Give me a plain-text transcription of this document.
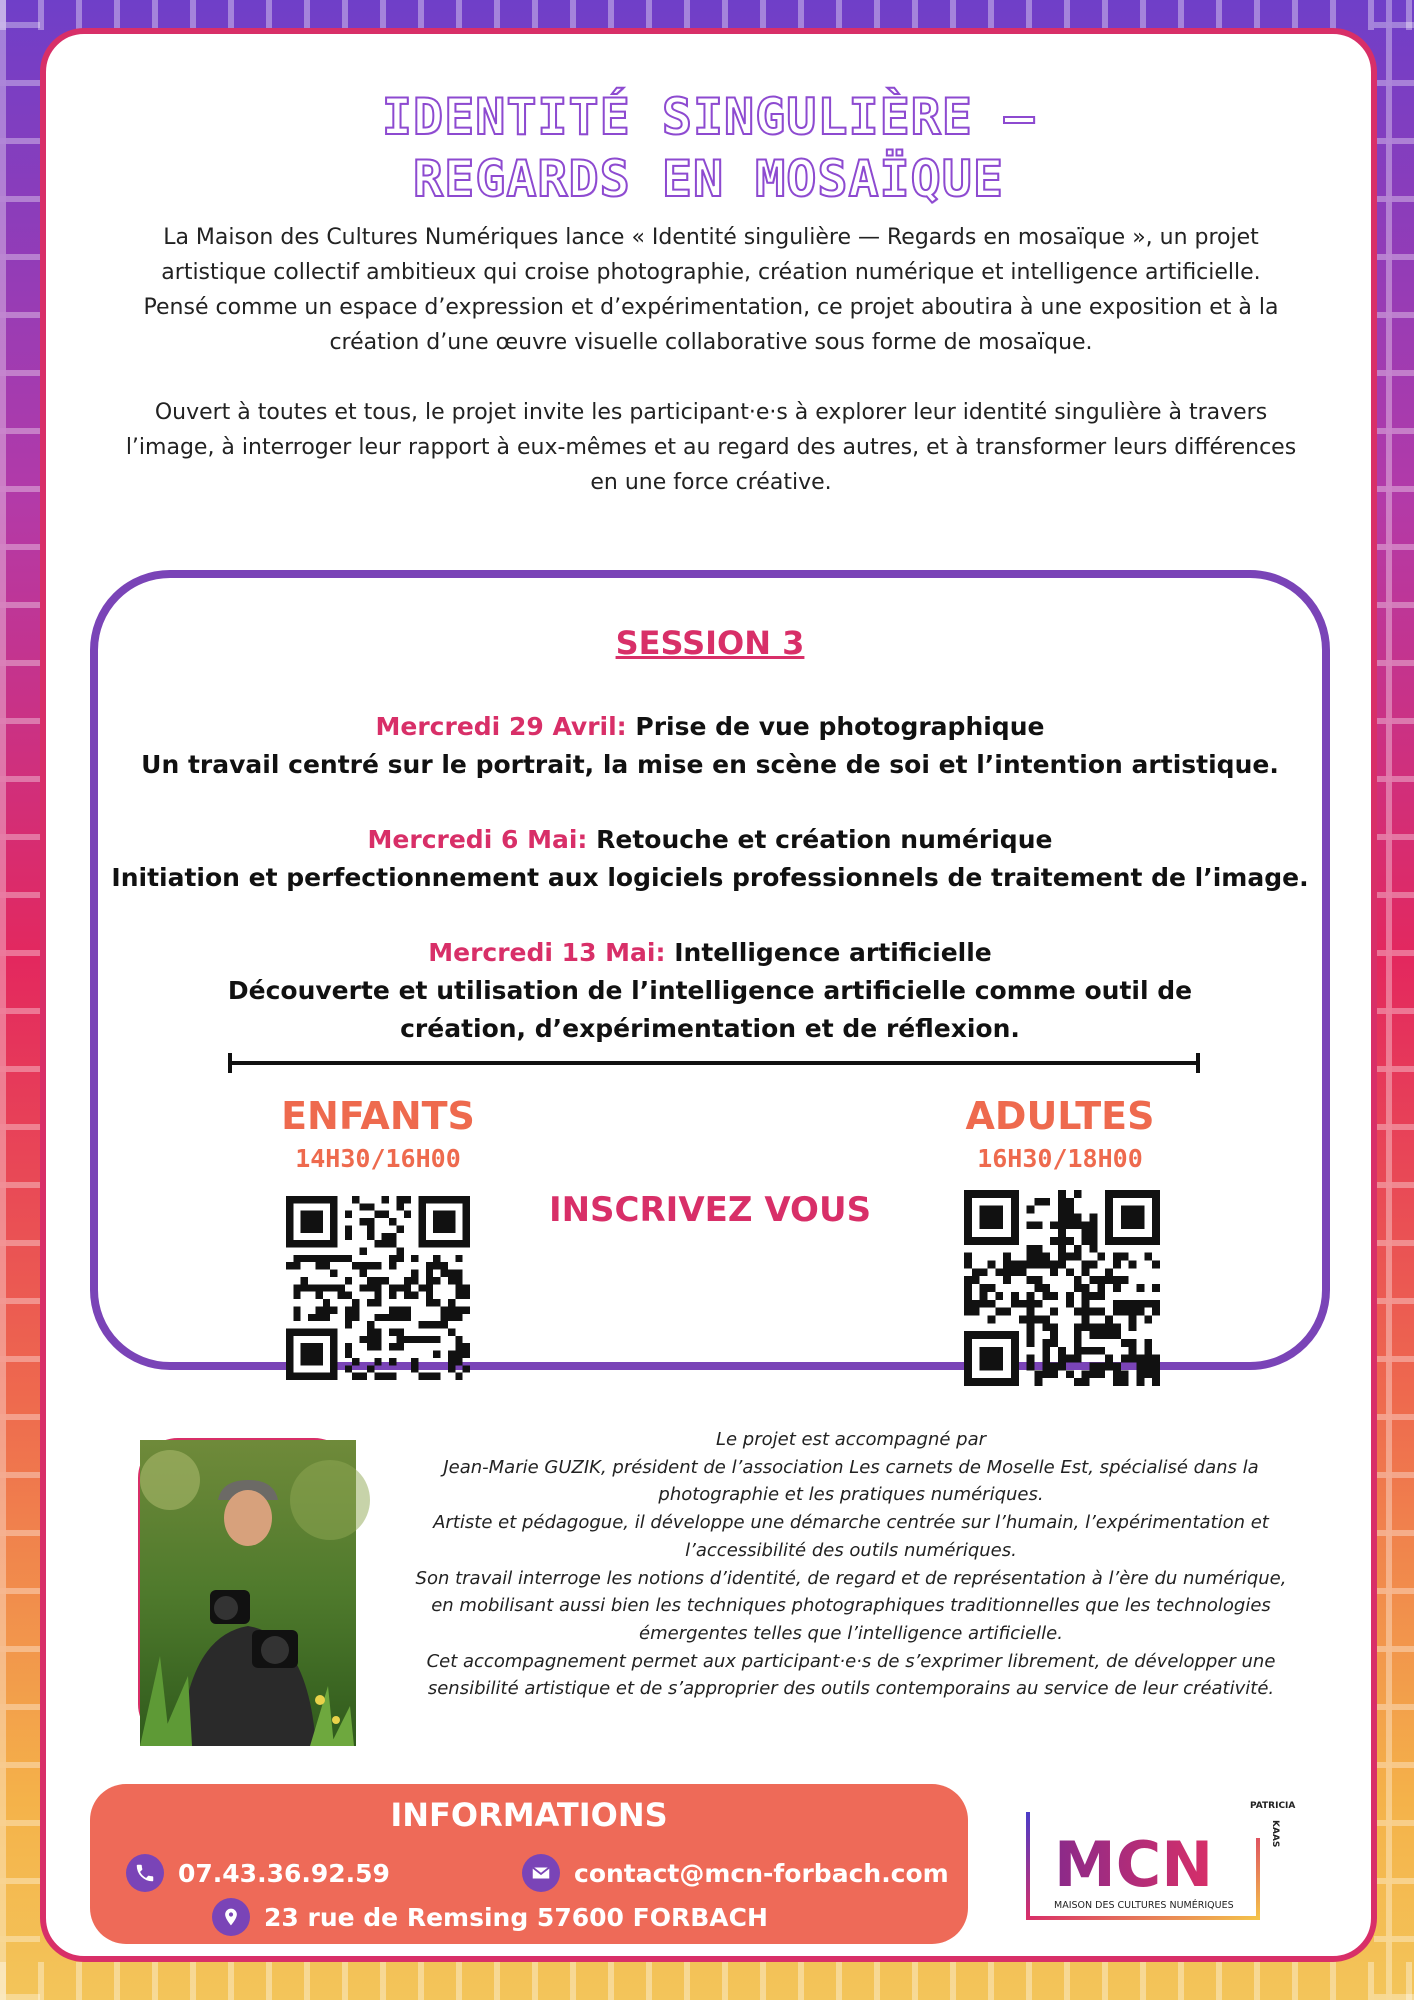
IDENTITÉ SINGULIÈRE –
REGARDS EN MOSAÏQUE
La Maison des Cultures Numériques lance « Identité singulière — Regards en mosaïque », un projet artistique collectif ambitieux qui croise photographie, création numérique et intelligence artificielle.
Pensé comme un espace d’expression et d’expérimentation, ce projet aboutira à une exposition et à la création d’une œuvre visuelle collaborative sous forme de mosaïque.
Ouvert à toutes et tous, le projet invite les participant·e·s à explorer leur identité singulière à travers l’image, à interroger leur rapport à eux-mêmes et au regard des autres, et à transformer leurs différences en une force créative.
SESSION 3
Mercredi 29 Avril: Prise de vue photographique
Un travail centré sur le portrait, la mise en scène de soi et l’intention artistique.
Mercredi 6 Mai: Retouche et création numérique
Initiation et perfectionnement aux logiciels professionnels de traitement de l’image.
Mercredi 13 Mai: Intelligence artificielle
Découverte et utilisation de l’intelligence artificielle comme outil de création, d’expérimentation et de réflexion.
ENFANTS
14H30/16H00
INSCRIVEZ VOUS
ADULTES
16H30/18H00
Le projet est accompagné par
Jean-Marie GUZIK, président de l’association Les carnets de Moselle Est, spécialisé dans la photographie et les pratiques numériques.
Artiste et pédagogue, il développe une démarche centrée sur l’humain, l’expérimentation et l’accessibilité des outils numériques.
Son travail interroge les notions d’identité, de regard et de représentation à l’ère du numérique, en mobilisant aussi bien les techniques photographiques traditionnelles que les technologies émergentes telles que l’intelligence artificielle.
Cet accompagnement permet aux participant·e·s de s’exprimer librement, de développer une sensibilité artistique et de s’approprier des outils contemporains au service de leur créativité.
INFORMATIONS
07.43.36.92.59	contact@mcn-forbach.com
23 rue de Remsing 57600 FORBACH
MCN
MAISON DES CULTURES NUMÉRIQUES
PATRICIA
KAAS
